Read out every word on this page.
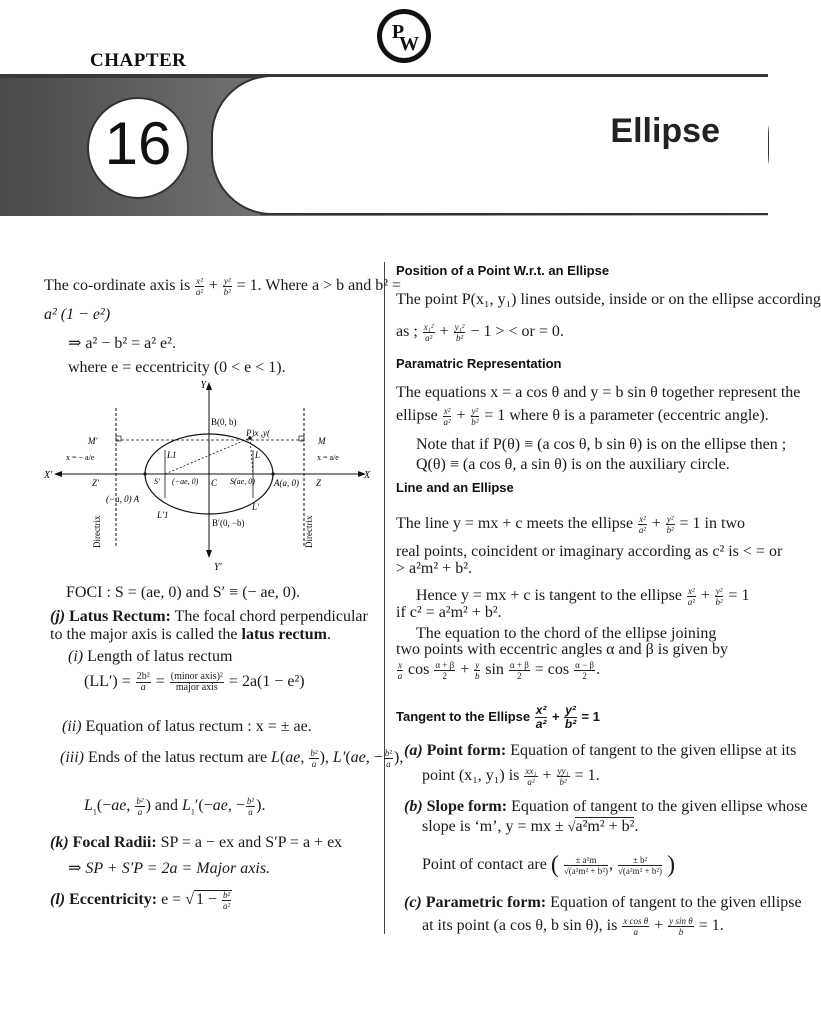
P
W
CHAPTER
16	Ellipse
The co-ordinate axis is $\frac{\text{x²}}{\text{a²}} + \frac{\text{y²}}{\text{b²}} = 1$. Where a > b and b² =
a² (1 − e²)
⇒ a² − b² = a² e².
where e = eccentricity (0 < e < 1).
Y
Y′
X′	X
B(0, b)
B′(0, −b)
P)x ,y(
M
M′
L
L1
L′
L′1
Z
Z′	C S(ae, 0)
S′ (−ae, 0)	A(a, 0)
(−a, 0) A
x = − a/e	x = a/e
Directrix	Directrix
FOCI : S = (ae, 0) and S′ ≡ (− ae, 0).
(j) Latus Rectum: The focal chord perpendicular to the major axis is called the latus rectum.
(i) Length of latus rectum
$(LL') = \frac{\text{2b²}}{a} = \frac{\text{(minor axis)²}}{\text{major axis}} = 2a(1 - e^2)$
(ii) Equation of latus rectum : x = ± ae.
(iii) Ends of the latus rectum are L(ae, $\frac{\text{b²}}{a}$ ), L′(ae, − $\frac{\text{b²}}{a}$ ),
$L_1(-ae$, $\frac{\text{b²}}{a}$ ) and $L_1'(-ae$, − $\frac{\text{b²}}{a}$ ).
(k) Focal Radii: SP = a − ex and S′P = a + ex
⇒ SP + S′P = 2a = Major axis.
(l) Eccentricity: e = √ $1 - \frac{\text{b²}}{\text{a²}}$
Position of a Point W.r.t. an Ellipse
The point P(x₁, y₁) lines outside, inside or on the ellipse according
as ; $\frac{\text{x₁²}}{\text{a²}} + \frac{\text{y₁²}}{\text{b²}} - 1$ > < or = 0.
Paramatric Representation
The equations x = a cos θ and y = b sin θ together represent the
ellipse $\frac{\text{x²}}{\text{a²}} + \frac{\text{y²}}{\text{b²}} = 1$ where θ is a parameter (eccentric angle).
Note that if P(θ) ≡ (a cos θ, b sin θ) is on the ellipse then ;
Q(θ) ≡ (a cos θ, a sin θ) is on the auxiliary circle.
Line and an Ellipse
The line y = mx + c meets the ellipse $\frac{\text{x²}}{\text{a²}} + \frac{\text{y²}}{\text{b²}} = 1$ in two
real points, coincident or imaginary according as c² is < = or
> a²m² + b².
Hence y = mx + c is tangent to the ellipse $\frac{\text{x²}}{\text{a²}} + \frac{\text{y²}}{\text{b²}} = 1$
if c² = a²m² + b².
The equation to the chord of the ellipse joining
two points with eccentric angles α and β is given by
$\frac{x}{a}$ $\cos \frac{\alpha + \beta}{2} + \frac{y}{b}$ $\sin \frac{\alpha + \beta}{2} = \cos \frac{\alpha - \beta}{2}$ .
Tangent to the Ellipse $\frac{\text{x²}}{\text{a²}} + \frac{\text{y²}}{\text{b²}} = 1$
(a) Point form: Equation of tangent to the given ellipse at its
point (x₁, y₁) is $\frac{\text{xx₁}}{\text{a²}} + \frac{\text{yy₁}}{\text{b²}} = 1$.
(b) Slope form: Equation of tangent to the given ellipse whose
slope is ‘m’, y = mx ± √a²m² + b².
Point of contact are ( $\frac{\text{± a²m}}{\text{√(a²m² + b²)}}$ , $\frac{\text{± b²}}{\text{√(a²m² + b²)}}$ )
(c) Parametric form: Equation of tangent to the given ellipse
at its point (a cos θ, b sin θ), is $\frac{\text{x cos θ}}{a} + \frac{\text{y sin θ}}{b} = 1$.
